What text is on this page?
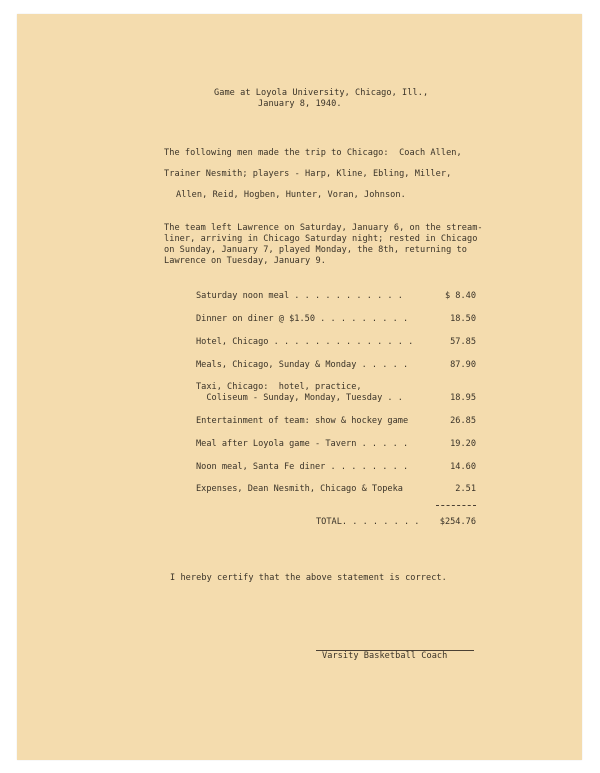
Game at Loyola University, Chicago, Ill.,
January 8, 1940.
The following men made the trip to Chicago:  Coach Allen,
Trainer Nesmith; players - Harp, Kline, Ebling, Miller,
Allen, Reid, Hogben, Hunter, Voran, Johnson.
The team left Lawrence on Saturday, January 6, on the stream-
liner, arriving in Chicago Saturday night; rested in Chicago
on Sunday, January 7, played Monday, the 8th, returning to
Lawrence on Tuesday, January 9.
Saturday noon meal . . . . . . . . . . .	$ 8.40
Dinner on diner @ $1.50 . . . . . . . . .	18.50
Hotel, Chicago . . . . . . . . . . . . . .	57.85
Meals, Chicago, Sunday & Monday . . . . .	87.90
Taxi, Chicago:  hotel, practice,
Coliseum - Sunday, Monday, Tuesday . .	18.95
Entertainment of team: show & hockey game	26.85
Meal after Loyola game - Tavern . . . . .	19.20
Noon meal, Santa Fe diner . . . . . . . .	14.60
Expenses, Dean Nesmith, Chicago & Topeka	2.51
TOTAL. . . . . . . . $254.76
I hereby certify that the above statement is correct.
Varsity Basketball Coach
